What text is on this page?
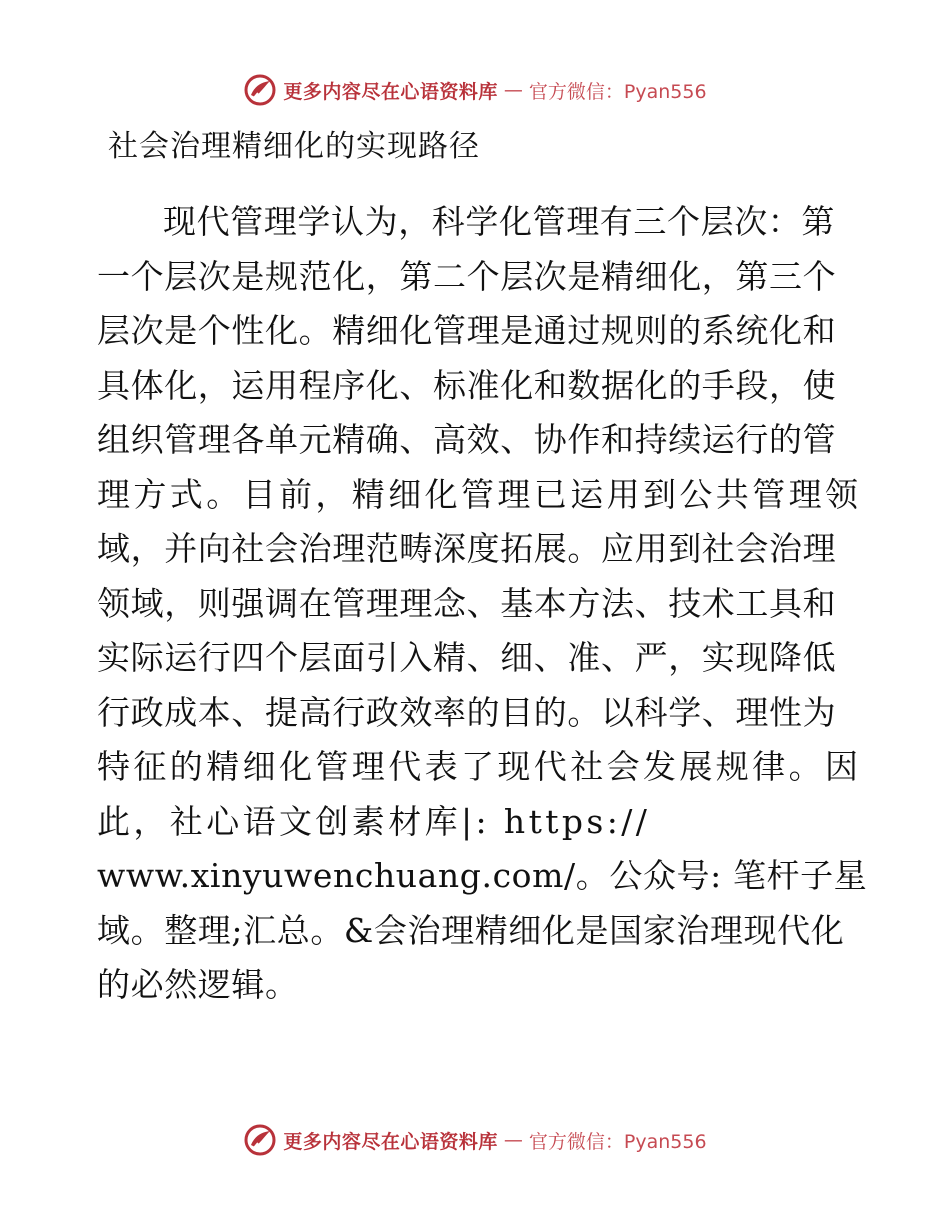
更多内容尽在心语资料库 — 官方微信：Pyan556
社会治理精细化的实现路径
现代管理学认为，科学化管理有三个层次：第
一个层次是规范化，第二个层次是精细化，第三个
层次是个性化。精细化管理是通过规则的系统化和
具体化，运用程序化、标准化和数据化的手段，使
组织管理各单元精确、高效、协作和持续运行的管
理方式。目前，精细化管理已运用到公共管理领
域，并向社会治理范畴深度拓展。应用到社会治理
领域，则强调在管理理念、基本方法、技术工具和
实际运行四个层面引入精、细、准、严，实现降低
行政成本、提高行政效率的目的。以科学、理性为
特征的精细化管理代表了现代社会发展规律。因
此，社心语文创素材库|: https://
www.xinyuwenchuang.com/。公众号: 笔杆子星
域。整理;汇总。&会治理精细化是国家治理现代化
的必然逻辑。
更多内容尽在心语资料库 — 官方微信：Pyan556
